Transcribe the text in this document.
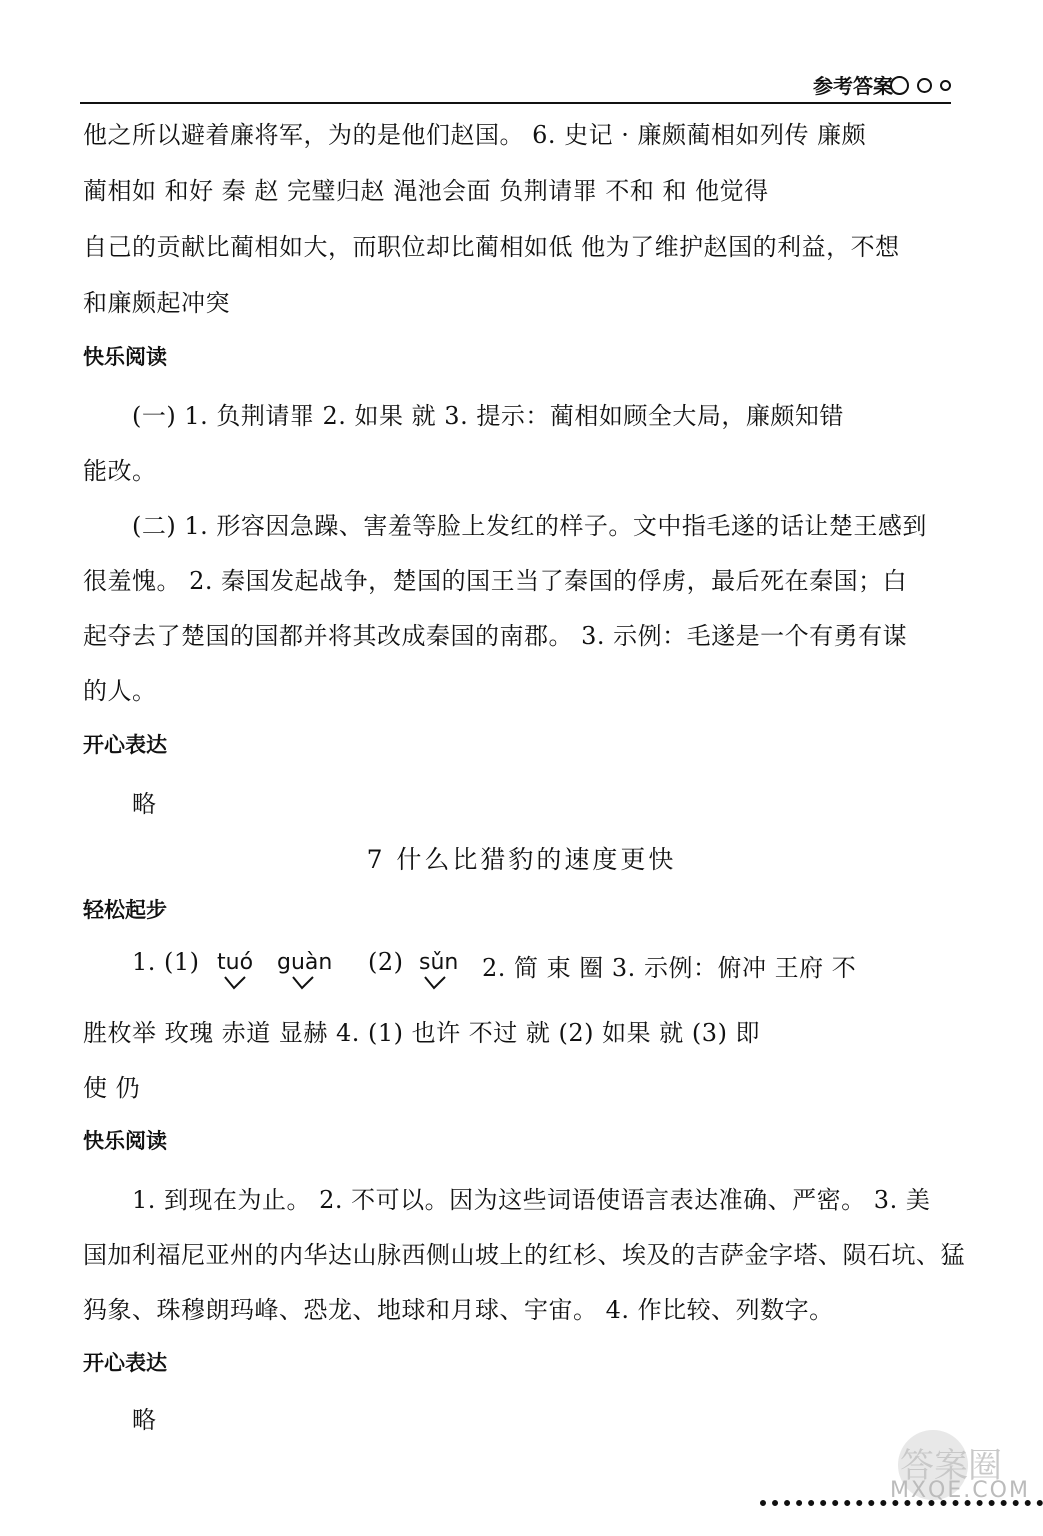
参考答案
他之所以避着廉将军，为的是他们赵国。 6. 史记 · 廉颇蔺相如列传 廉颇
蔺相如 和好 秦 赵 完璧归赵 渑池会面 负荆请罪 不和 和 他觉得
自己的贡献比蔺相如大，而职位却比蔺相如低 他为了维护赵国的利益，不想
和廉颇起冲突
快乐阅读
(一) 1. 负荆请罪 2. 如果 就 3. 提示：蔺相如顾全大局，廉颇知错
能改。
(二) 1. 形容因急躁、害羞等脸上发红的样子。文中指毛遂的话让楚王感到
很羞愧。 2. 秦国发起战争，楚国的国王当了秦国的俘虏，最后死在秦国；白
起夺去了楚国的国都并将其改成秦国的南郡。 3. 示例：毛遂是一个有勇有谋
的人。
开心表达
略
7 什么比猎豹的速度更快
轻松起步
1. (1) tuó guàn (2) sǔn 2. 简 束 圈 3. 示例：俯冲 王府 不
胜枚举 玫瑰 赤道 显赫 4. (1) 也许 不过 就 (2) 如果 就 (3) 即
使 仍
快乐阅读
1. 到现在为止。 2. 不可以。因为这些词语使语言表达准确、严密。 3. 美
国加利福尼亚州的内华达山脉西侧山坡上的红杉、埃及的吉萨金字塔、陨石坑、猛
犸象、珠穆朗玛峰、恐龙、地球和月球、宇宙。 4. 作比较、列数字。
开心表达
略
答案圈
MXQE.COM
